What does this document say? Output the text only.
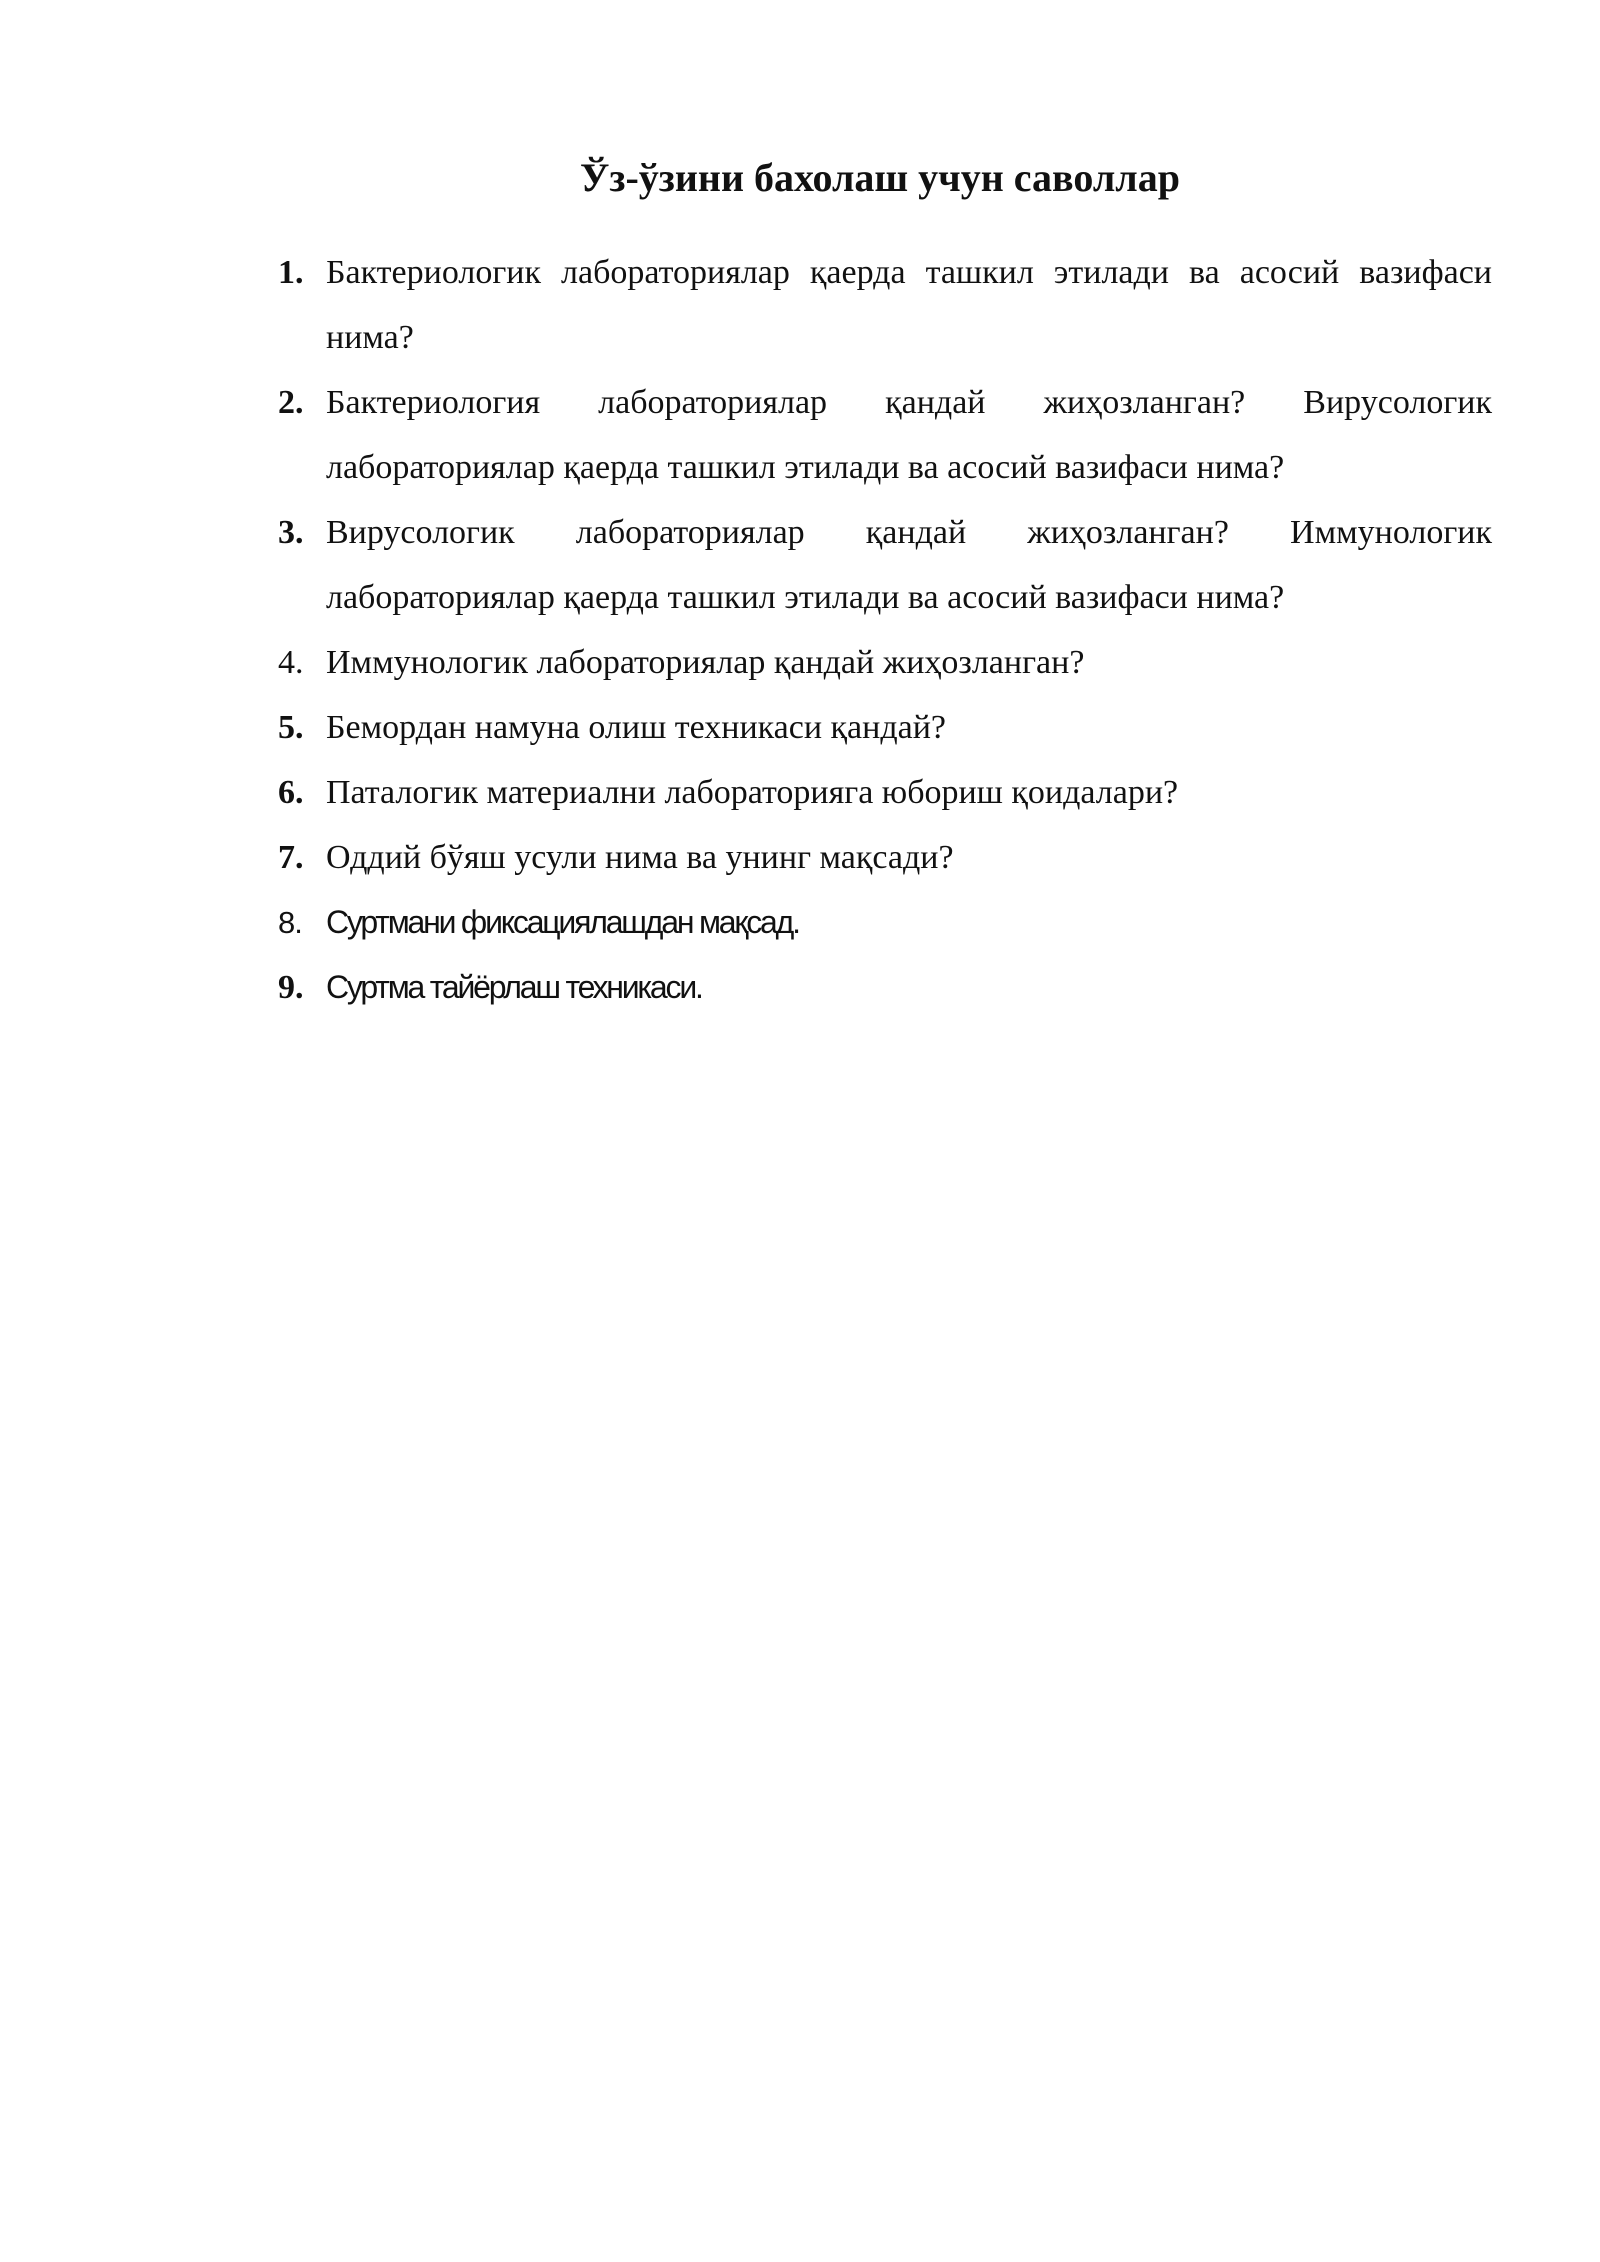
Ўз-ўзини бахолаш учун саволлар
1. Бактериологик лабораториялар қаерда ташкил этилади ва асосий вазифаси нима?
2. Бактериология лабораториялар қандай жиҳозланган? Вирусологик лабораториялар қаерда ташкил этилади ва асосий вазифаси нима?
3. Вирусологик лабораториялар қандай жиҳозланган? Иммунологик лабораториялар қаерда ташкил этилади ва асосий вазифаси нима?
4. Иммунологик лабораториялар қандай жиҳозланган?
5. Бемордан намуна олиш техникаси қандай?
6. Паталогик материални лабораторияга юбориш қоидалари?
7. Оддий бўяш усули нима ва унинг мақсади?
8. Суртмани фиксациялашдан мақсад.
9. Суртма тайёрлаш техникаси.
